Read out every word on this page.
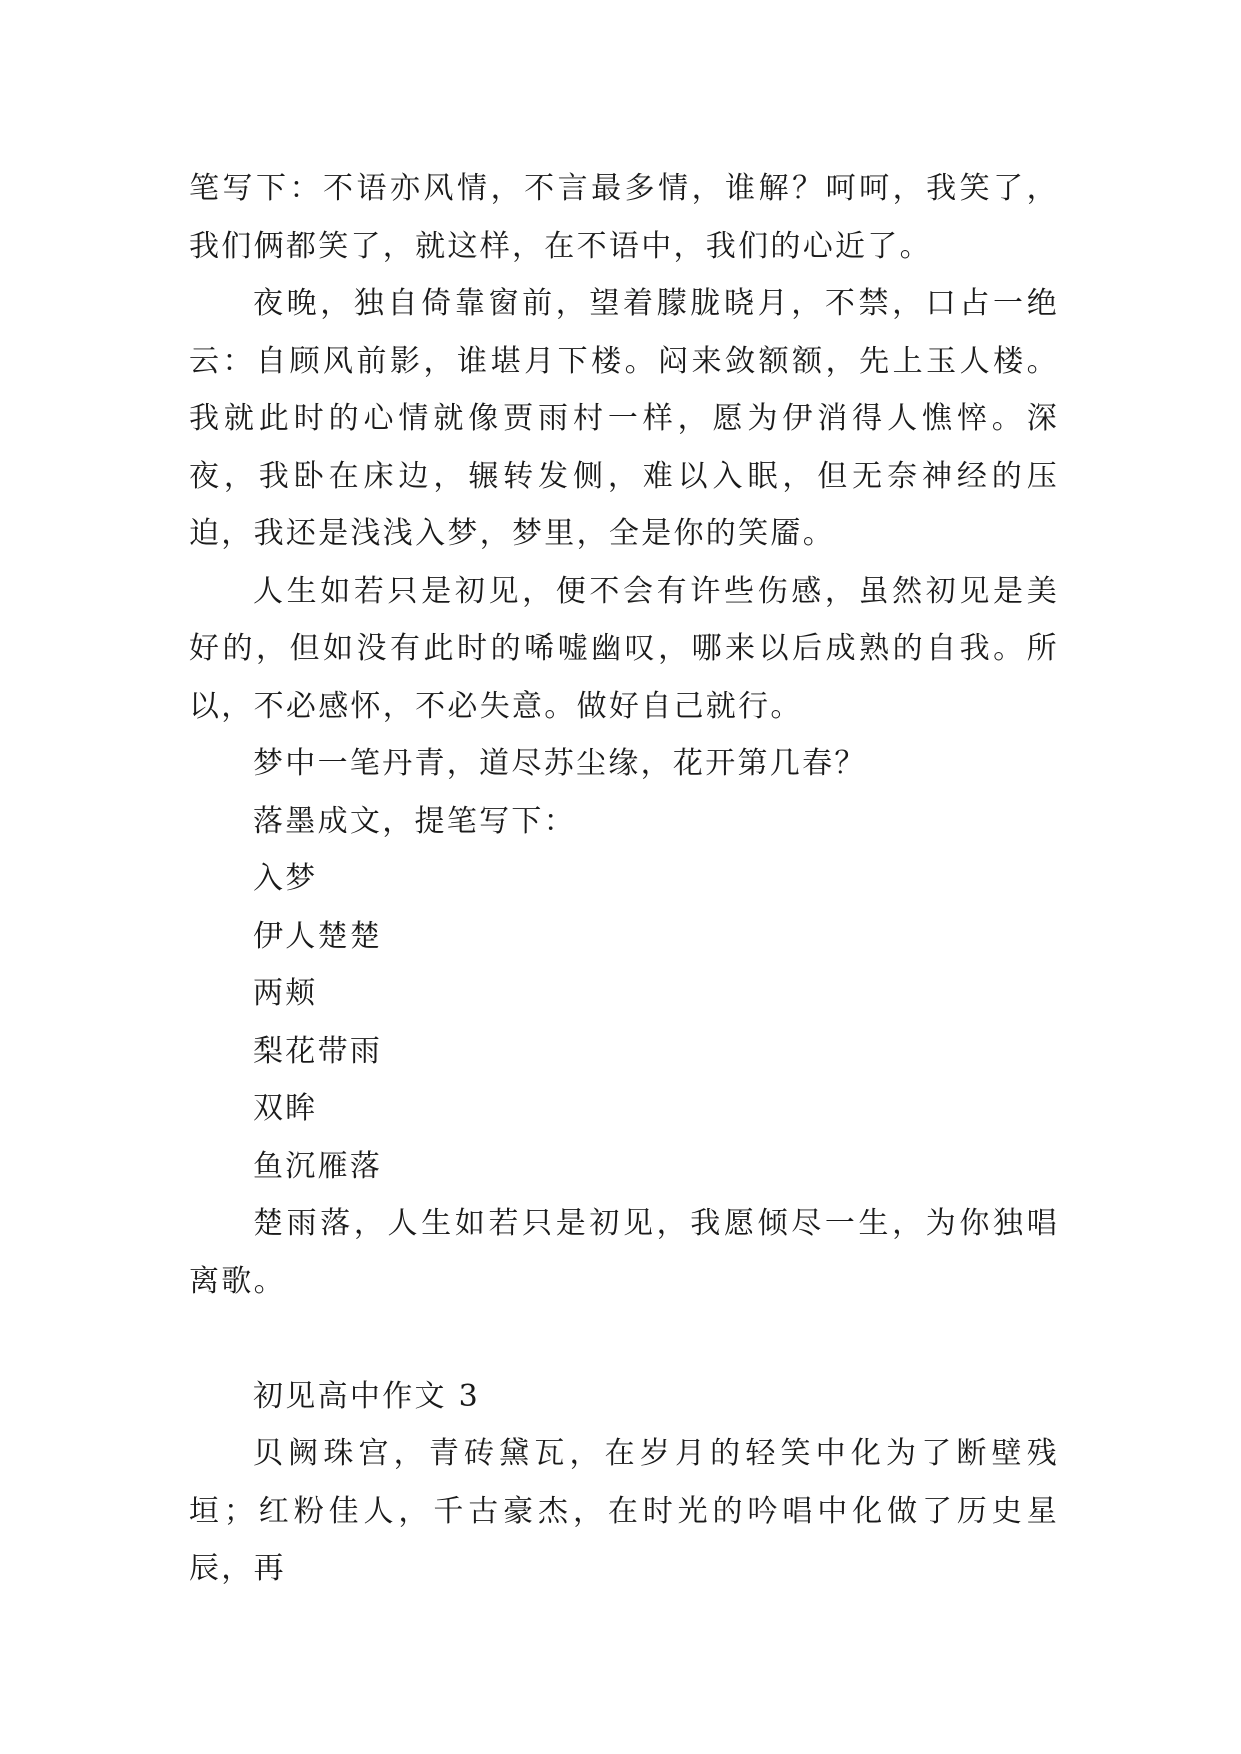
笔写下：不语亦风情，不言最多情，谁解？呵呵，我笑了，我们俩都笑了，就这样，在不语中，我们的心近了。

夜晚，独自倚靠窗前，望着朦胧晓月，不禁，口占一绝云：自顾风前影，谁堪月下楼。闷来敛额额，先上玉人楼。我就此时的心情就像贾雨村一样，愿为伊消得人憔悴。深夜，我卧在床边，辗转发侧，难以入眠，但无奈神经的压迫，我还是浅浅入梦，梦里，全是你的笑靥。

人生如若只是初见，便不会有许些伤感，虽然初见是美好的，但如没有此时的唏嘘幽叹，哪来以后成熟的自我。所以，不必感怀，不必失意。做好自己就行。

梦中一笔丹青，道尽苏尘缘，花开第几春？

落墨成文，提笔写下：

入梦

伊人楚楚

两颊

梨花带雨

双眸

鱼沉雁落

楚雨落，人生如若只是初见，我愿倾尽一生，为你独唱离歌。

初见高中作文 3

贝阙珠宫，青砖黛瓦，在岁月的轻笑中化为了断壁残垣；红粉佳人，千古豪杰，在时光的吟唱中化做了历史星辰，再
